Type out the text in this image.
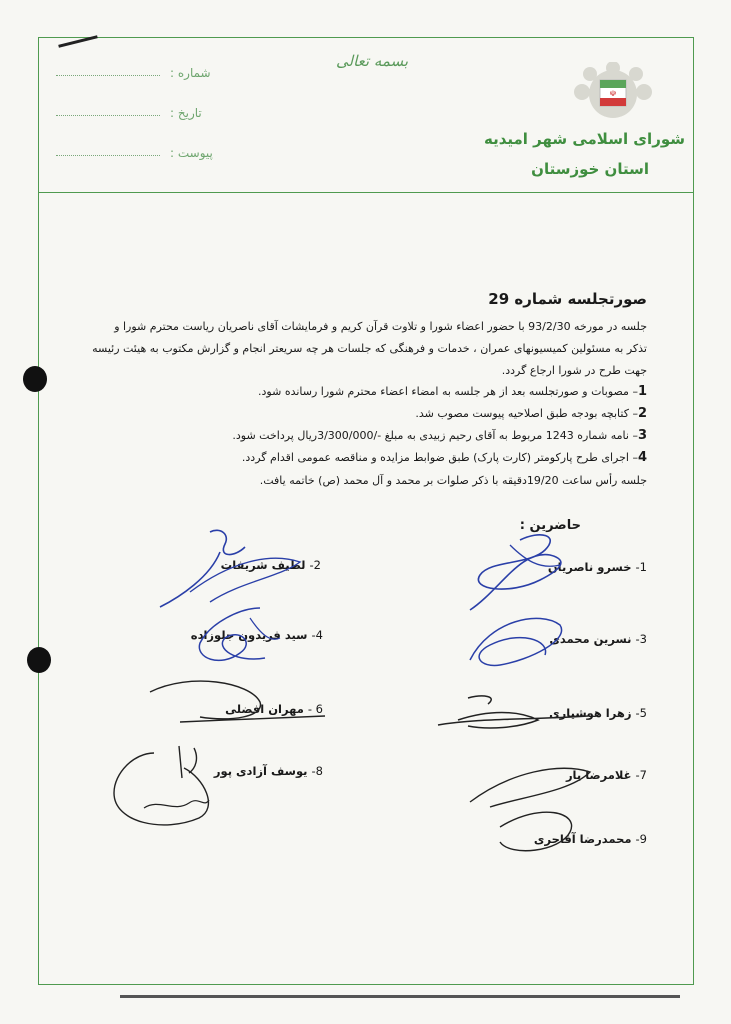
بسمه تعالی
شماره :
تاریخ :
پیوست :
☫
شورای اسلامی شهر امیدیه
استان خوزستان
صورتجلسه شماره 29
جلسه در مورخه 93/2/30 با حضور اعضاء شورا و تلاوت قرآن کریم و فرمایشات آقای ناصریان ریاست محترم شورا و
تذکر به مسئولین کمیسیونهای عمران ، خدمات و فرهنگی که جلسات هر چه سریعتر انجام و گزارش مکتوب به هیئت رئیسه
جهت طرح در شورا ارجاع گردد.
1– مصوبات و صورتجلسه بعد از هر جلسه به امضاء اعضاء محترم شورا رسانده شود.
2– کتابچه بودجه طبق اصلاحیه پیوست مصوب شد.
3– نامه شماره 1243 مربوط به آقای رحیم زبیدی به مبلغ -/3/300/000ریال پرداخت شود.
4– اجرای طرح پارکومتر (کارت پارک) طبق ضوابط مزایده و مناقصه عمومی اقدام گردد.
جلسه رأس ساعت 19/20دقیقه با ذکر صلوات بر محمد و آل محمد (ص) خاتمه یافت.
حاضرین :
1- خسرو ناصریان
2- لطیف شریفات
3- نسرین محمدی
4- سید فریدون جلوزاده
5- زهرا هوشیاری
6 - مهران افضلی
7- غلامرضا یار
8- یوسف آزادی پور
9- محمدرضا آقاجری
